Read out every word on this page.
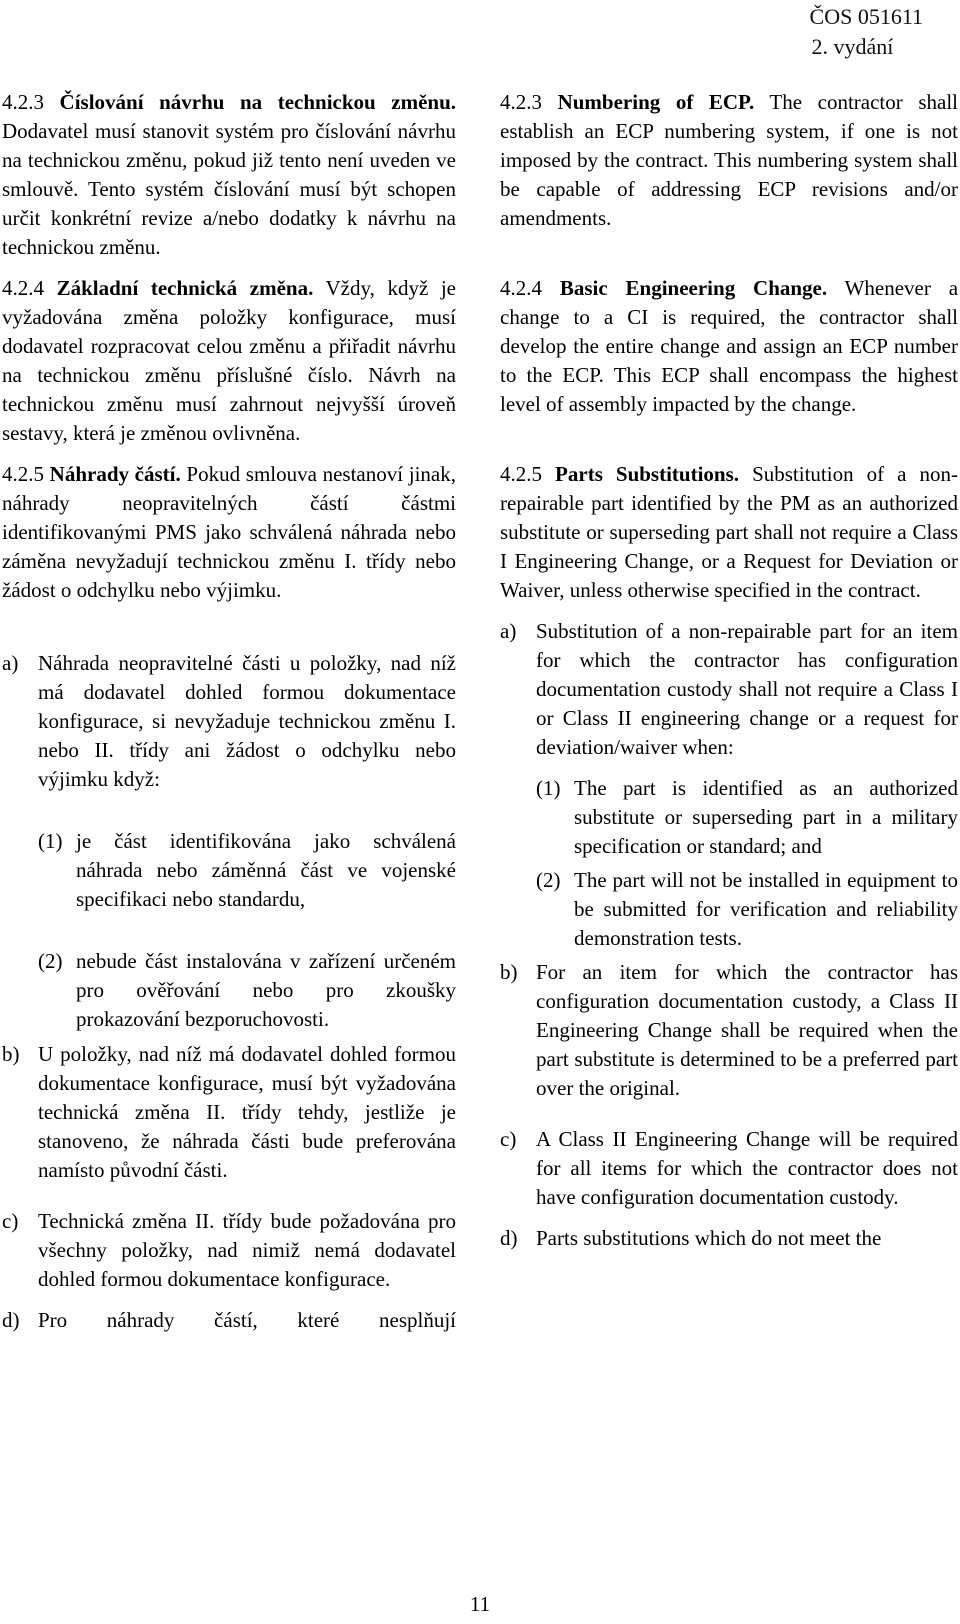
ČOS 051611
2. vydání

4.2.3 Číslování návrhu na technickou změnu. Dodavatel musí stanovit systém pro číslování návrhu na technickou změnu, pokud již tento není uveden ve smlouvě. Tento systém číslování musí být schopen určit konkrétní revize a/nebo dodatky k návrhu na technickou změnu.

4.2.4 Základní technická změna. Vždy, když je vyžadována změna položky konfigurace, musí dodavatel rozpracovat celou změnu a přiřadit návrhu na technickou změnu příslušné číslo. Návrh na technickou změnu musí zahrnout nejvyšší úroveň sestavy, která je změnou ovlivněna.

4.2.5 Náhrady částí. Pokud smlouva nestanoví jinak, náhrady neopravitelných částí částmi identifikovanými PMS jako schválená náhrada nebo záměna nevyžadují technickou změnu I. třídy nebo žádost o odchylku nebo výjimku.

a) Náhrada neopravitelné části u položky, nad níž má dodavatel dohled formou dokumentace konfigurace, si nevyžaduje technickou změnu I. nebo II. třídy ani žádost o odchylku nebo výjimku když:
(1) je část identifikována jako schválená náhrada nebo záměnná část ve vojenské specifikaci nebo standardu,
(2) nebude část instalována v zařízení určeném pro ověřování nebo pro zkoušky prokazování bezporuchovosti.
b) U položky, nad níž má dodavatel dohled formou dokumentace konfigurace, musí být vyžadována technická změna II. třídy tehdy, jestliže je stanoveno, že náhrada části bude preferována namísto původní části.
c) Technická změna II. třídy bude požadována pro všechny položky, nad nimiž nemá dodavatel dohled formou dokumentace konfigurace.
d) Pro náhrady částí, které nesplňují

4.2.3 Numbering of ECP. The contractor shall establish an ECP numbering system, if one is not imposed by the contract. This numbering system shall be capable of addressing ECP revisions and/or amendments.

4.2.4 Basic Engineering Change. Whenever a change to a CI is required, the contractor shall develop the entire change and assign an ECP number to the ECP. This ECP shall encompass the highest level of assembly impacted by the change.

4.2.5 Parts Substitutions. Substitution of a non-repairable part identified by the PM as an authorized substitute or superseding part shall not require a Class I Engineering Change, or a Request for Deviation or Waiver, unless otherwise specified in the contract.

a) Substitution of a non-repairable part for an item for which the contractor has configuration documentation custody shall not require a Class I or Class II engineering change or a request for deviation/waiver when:
(1) The part is identified as an authorized substitute or superseding part in a military specification or standard; and
(2) The part will not be installed in equipment to be submitted for verification and reliability demonstration tests.
b) For an item for which the contractor has configuration documentation custody, a Class II Engineering Change shall be required when the part substitute is determined to be a preferred part over the original.
c) A Class II Engineering Change will be required for all items for which the contractor does not have configuration documentation custody.
d) Parts substitutions which do not meet the
11
